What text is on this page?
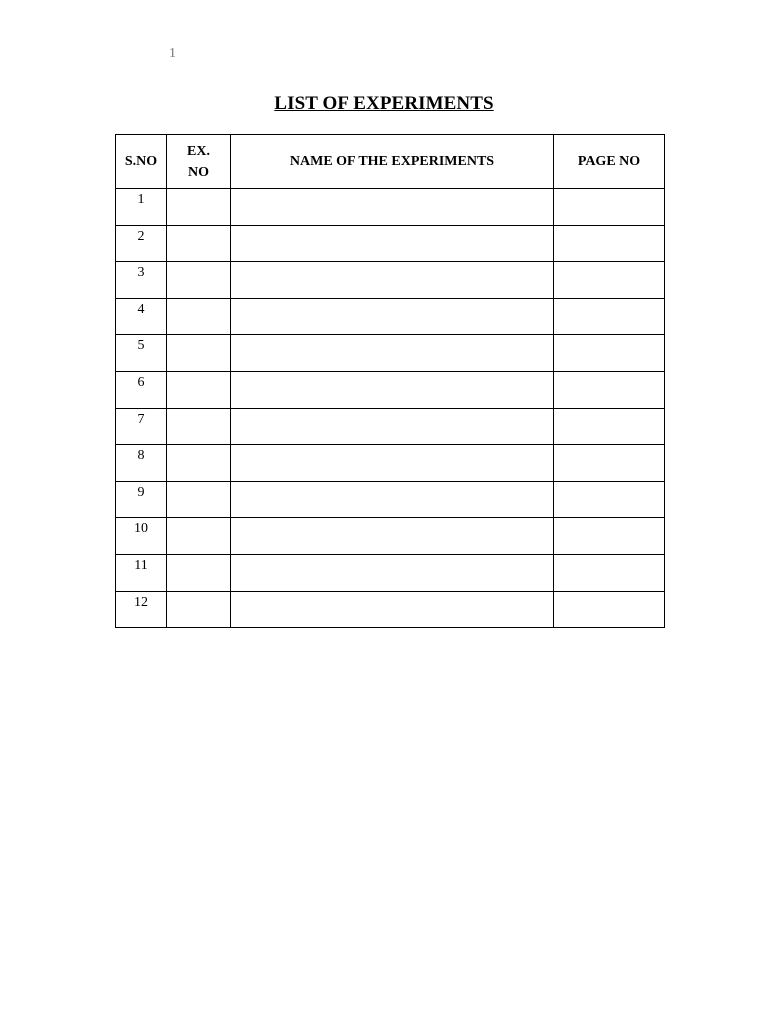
1
LIST OF EXPERIMENTS
S.NO	EX. NO	NAME OF THE EXPERIMENTS	PAGE NO
1			
2			
3			
4			
5			
6			
7			
8			
9			
10			
11			
12			
